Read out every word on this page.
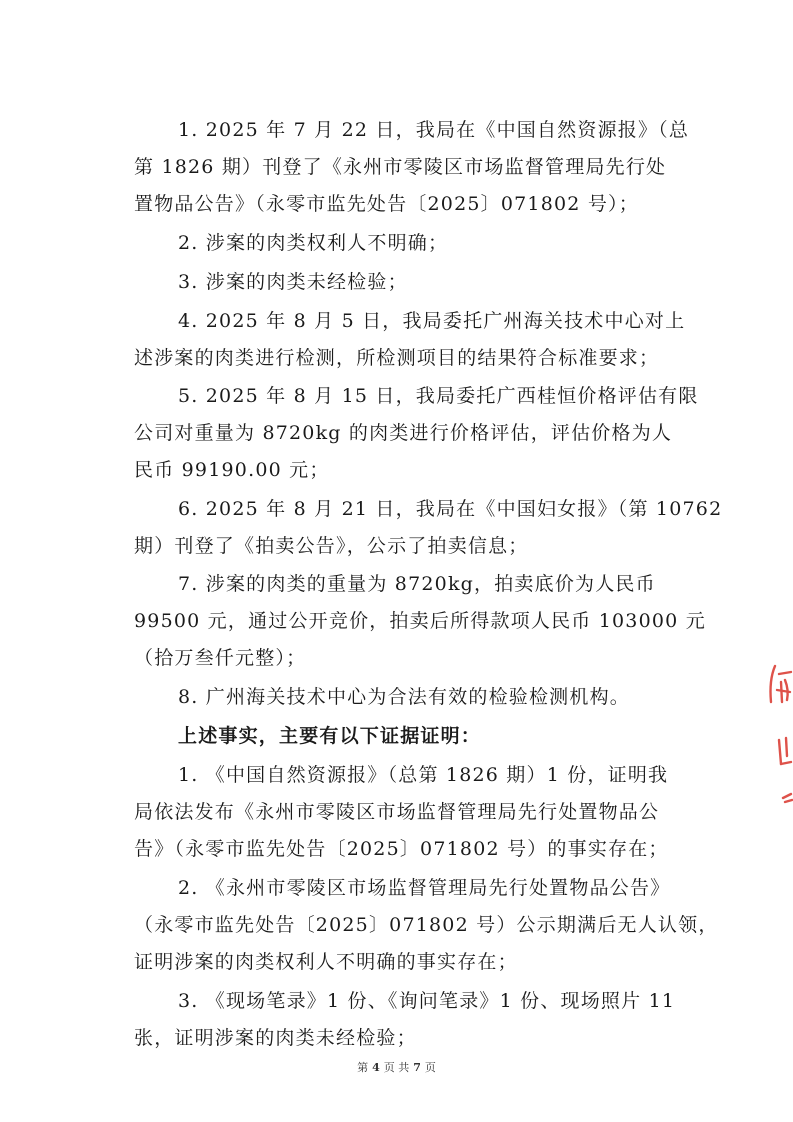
1. 2025 年 7 月 22 日，我局在《中国自然资源报》（总
第 1826 期）刊登了《永州市零陵区市场监督管理局先行处
置物品公告》（永零市监先处告〔2025〕071802 号）；
2. 涉案的肉类权利人不明确；
3. 涉案的肉类未经检验；
4. 2025 年 8 月 5 日，我局委托广州海关技术中心对上
述涉案的肉类进行检测，所检测项目的结果符合标准要求；
5. 2025 年 8 月 15 日，我局委托广西桂恒价格评估有限
公司对重量为 8720kg 的肉类进行价格评估，评估价格为人
民币 99190.00 元；
6. 2025 年 8 月 21 日，我局在《中国妇女报》（第 10762
期）刊登了《拍卖公告》，公示了拍卖信息；
7. 涉案的肉类的重量为 8720kg，拍卖底价为人民币
99500 元，通过公开竞价，拍卖后所得款项人民币 103000 元
（拾万叁仟元整）；
8. 广州海关技术中心为合法有效的检验检测机构。
上述事实，主要有以下证据证明：
1. 《中国自然资源报》（总第 1826 期）1 份，证明我
局依法发布《永州市零陵区市场监督管理局先行处置物品公
告》（永零市监先处告〔2025〕071802 号）的事实存在；
2. 《永州市零陵区市场监督管理局先行处置物品公告》
（永零市监先处告〔2025〕071802 号）公示期满后无人认领，
证明涉案的肉类权利人不明确的事实存在；
3. 《现场笔录》1 份、《询问笔录》1 份、现场照片 11
张，证明涉案的肉类未经检验；
第 4 页 共 7 页
